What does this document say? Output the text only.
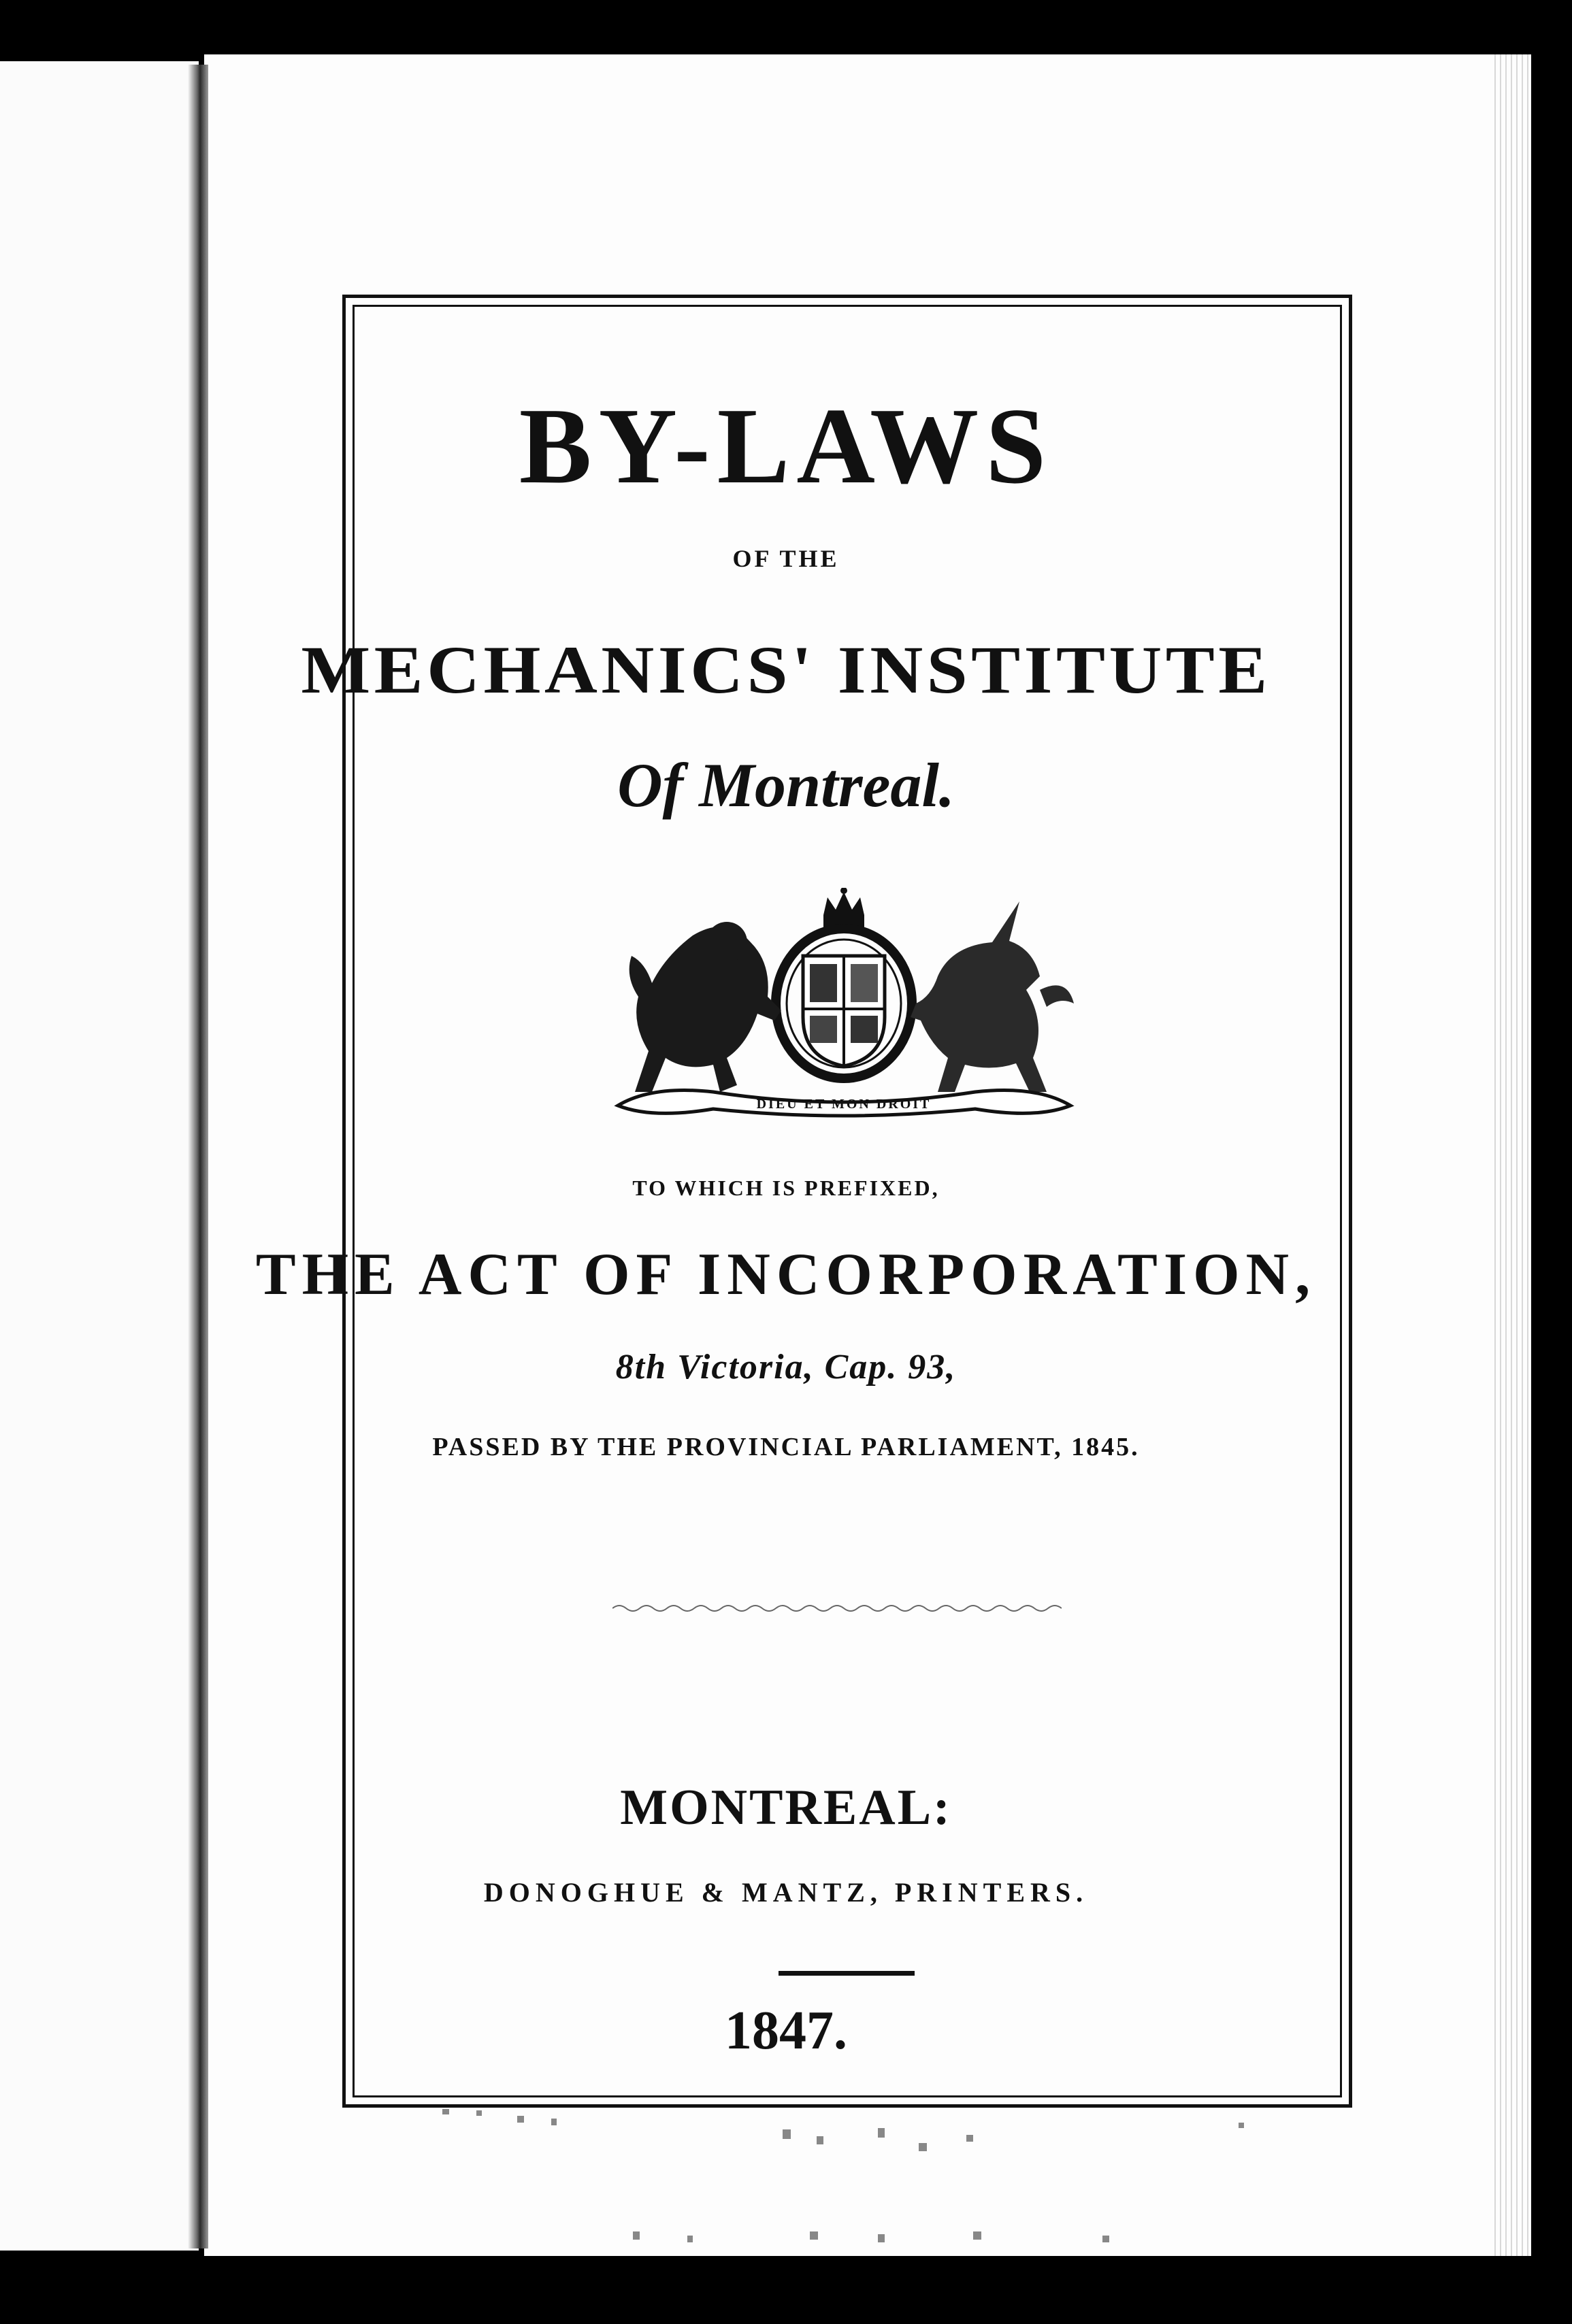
BY-LAWS

OF THE

MECHANICS' INSTITUTE

Of Montreal.

DIEU ET MON DROIT

TO WHICH IS PREFIXED,

THE ACT OF INCORPORATION,

8th Victoria, Cap. 93,

PASSED BY THE PROVINCIAL PARLIAMENT, 1845.

MONTREAL:

DONOGHUE & MANTZ, PRINTERS.

1847.
